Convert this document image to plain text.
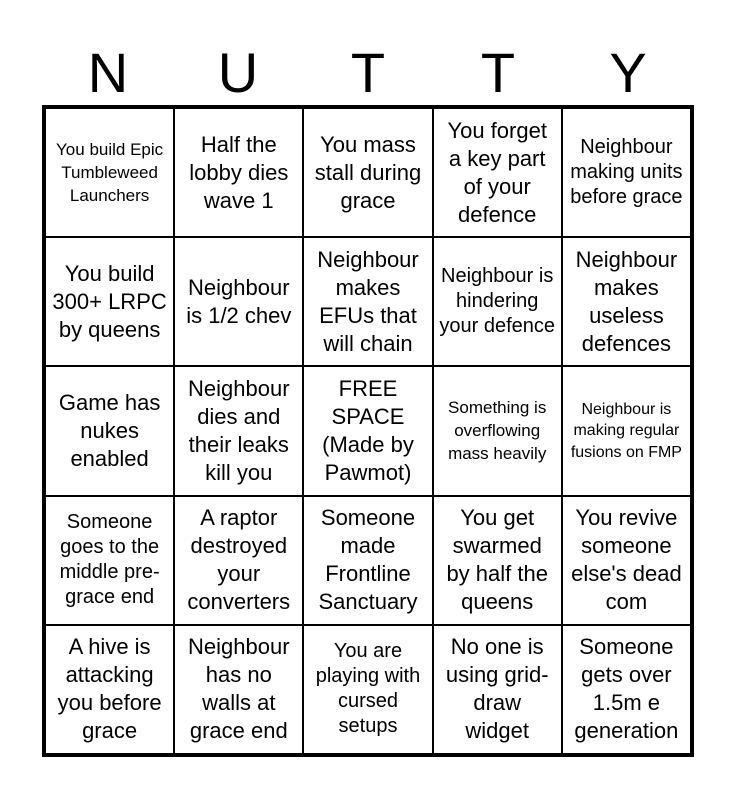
N	U	T	T	Y
You build Epic Tumbleweed Launchers
Half the lobby dies wave 1
You mass stall during grace
You forget a key part of your defence
Neighbour making units before grace
You build 300+ LRPC by queens
Neighbour is 1/2 chev
Neighbour makes EFUs that will chain
Neighbour is hindering your defence
Neighbour makes useless defences
Game has nukes enabled
Neighbour dies and their leaks kill you
FREE SPACE (Made by Pawmot)
Something is overflowing mass heavily
Neighbour is making regular fusions on FMP
Someone goes to the middle pre-grace end
A raptor destroyed your converters
Someone made Frontline Sanctuary
You get swarmed by half the queens
You revive someone else's dead com
A hive is attacking you before grace
Neighbour has no walls at grace end
You are playing with cursed setups
No one is using grid-draw widget
Someone gets over 1.5m e generation
